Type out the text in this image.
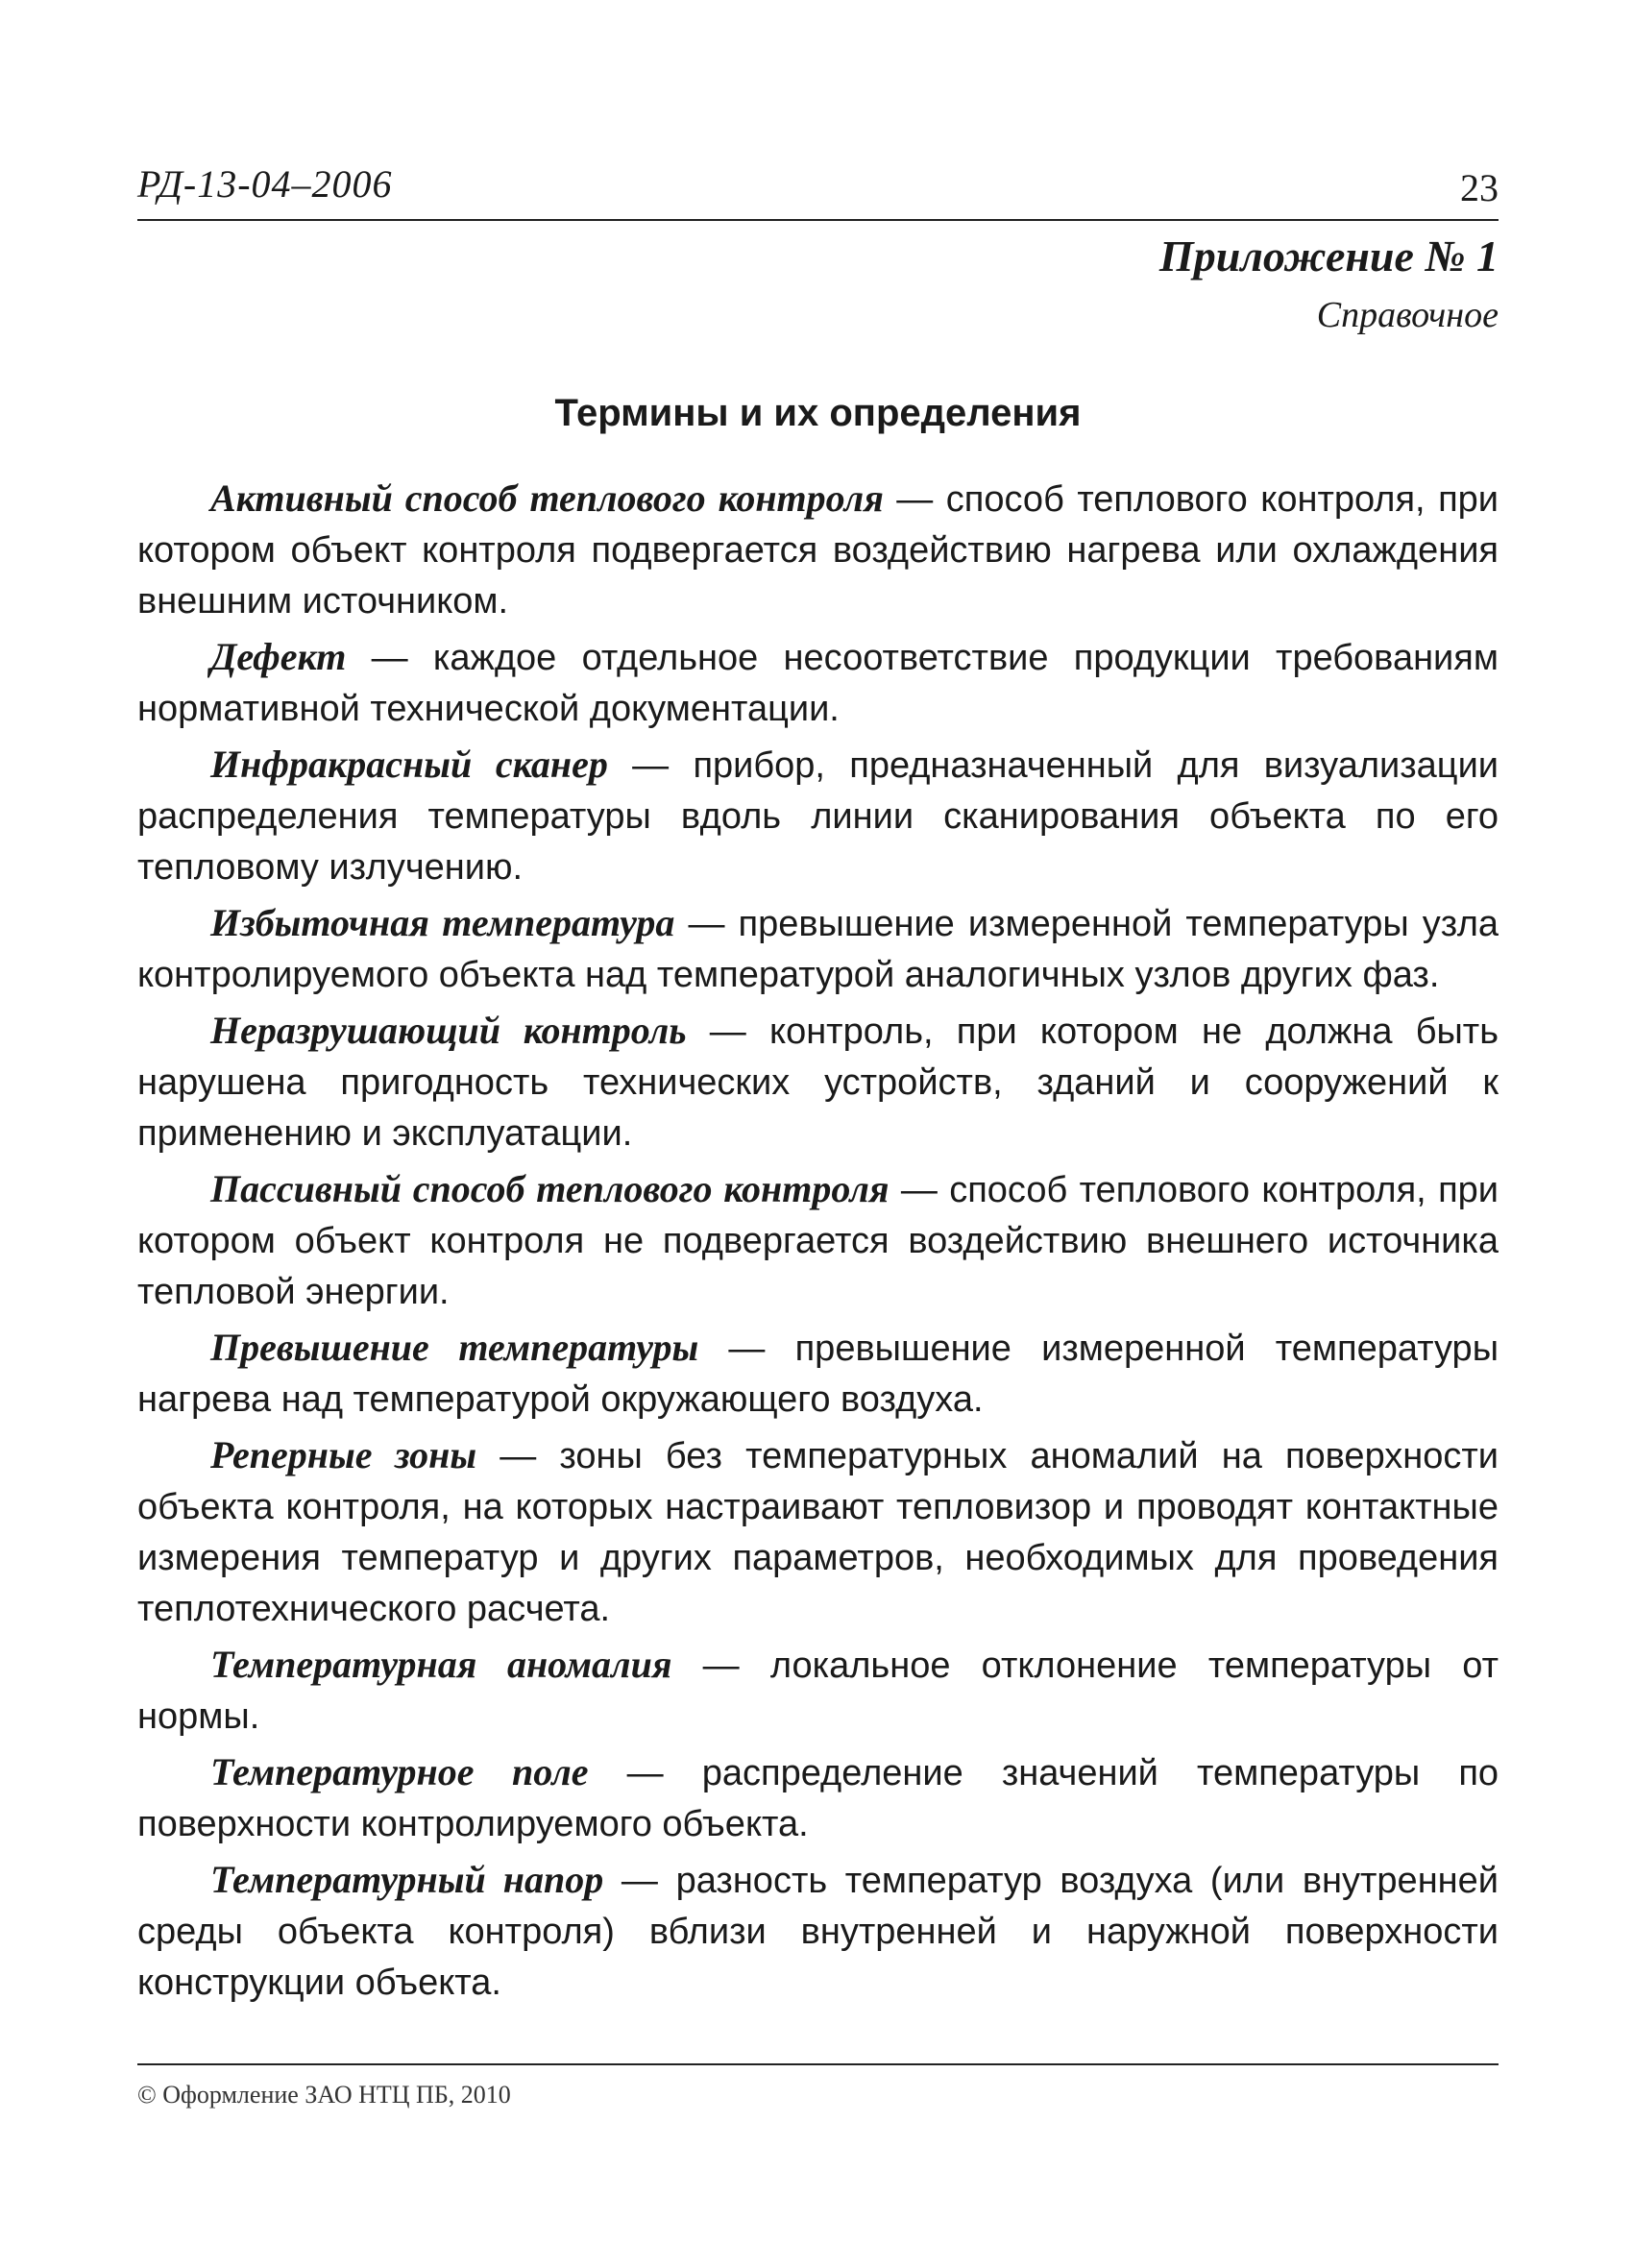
РД-13-04–2006	23
Приложение № 1
Справочное
Термины и их определения

Активный способ теплового контроля — способ теплового контроля, при котором объект контроля подвергается воздействию нагрева или охлаждения внешним источником.

Дефект — каждое отдельное несоответствие продукции требованиям нормативной технической документации.

Инфракрасный сканер — прибор, предназначенный для визуализации распределения температуры вдоль линии сканирования объекта по его тепловому излучению.

Избыточная температура — превышение измеренной температуры узла контролируемого объекта над температурой аналогичных узлов других фаз.

Неразрушающий контроль — контроль, при котором не должна быть нарушена пригодность технических устройств, зданий и сооружений к применению и эксплуатации.

Пассивный способ теплового контроля — способ теплового контроля, при котором объект контроля не подвергается воздействию внешнего источника тепловой энергии.

Превышение температуры — превышение измеренной температуры нагрева над температурой окружающего воздуха.

Реперные зоны — зоны без температурных аномалий на поверхности объекта контроля, на которых настраивают тепловизор и проводят контактные измерения температур и других параметров, необходимых для проведения теплотехнического расчета.

Температурная аномалия — локальное отклонение температуры от нормы.

Температурное поле — распределение значений температуры по поверхности контролируемого объекта.

Температурный напор — разность температур воздуха (или внутренней среды объекта контроля) вблизи внутренней и наружной поверхности конструкции объекта.

© Оформление ЗАО НТЦ ПБ, 2010
